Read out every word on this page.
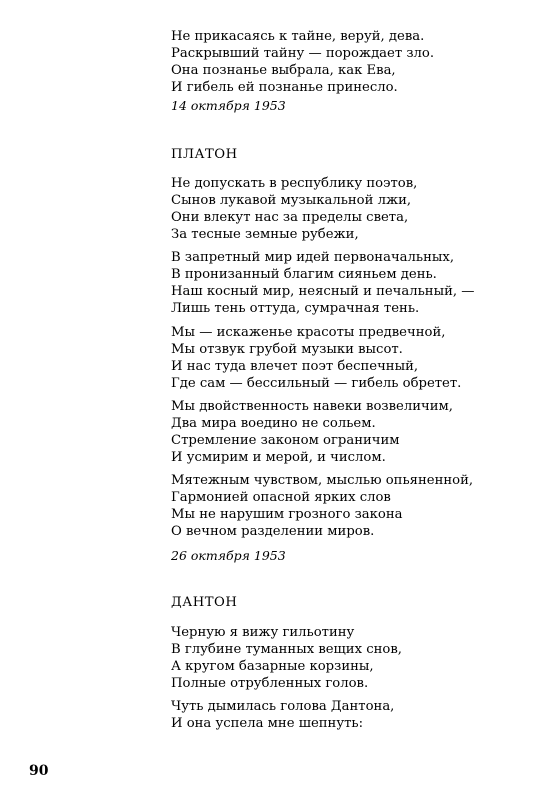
Не прикасаясь к тайне, веруй, дева.
Раскрывший тайну — порождает зло.
Она познанье выбрала, как Ева,
И гибель ей познанье принесло.
14 октября 1953
ПЛАТОН
Не допускать в республику поэтов,
Сынов лукавой музыкальной лжи,
Они влекут нас за пределы света,
За тесные земные рубежи,
В запретный мир идей первоначальных,
В пронизанный благим сияньем день.
Наш косный мир, неясный и печальный, —
Лишь тень оттуда, сумрачная тень.
Мы — искаженье красоты предвечной,
Мы отзвук грубой музыки высот.
И нас туда влечет поэт беспечный,
Где сам — бессильный — гибель обретет.
Мы двойственность навеки возвеличим,
Два мира воедино не сольем.
Стремление законом ограничим
И усмирим и мерой, и числом.
Мятежным чувством, мыслью опьяненной,
Гармонией опасной ярких слов
Мы не нарушим грозного закона
О вечном разделении миров.
26 октября 1953
ДАНТОН
Черную я вижу гильотину
В глубине туманных вещих снов,
А кругом базарные корзины,
Полные отрубленных голов.
Чуть дымилась голова Дантона,
И она успела мне шепнуть:
90
